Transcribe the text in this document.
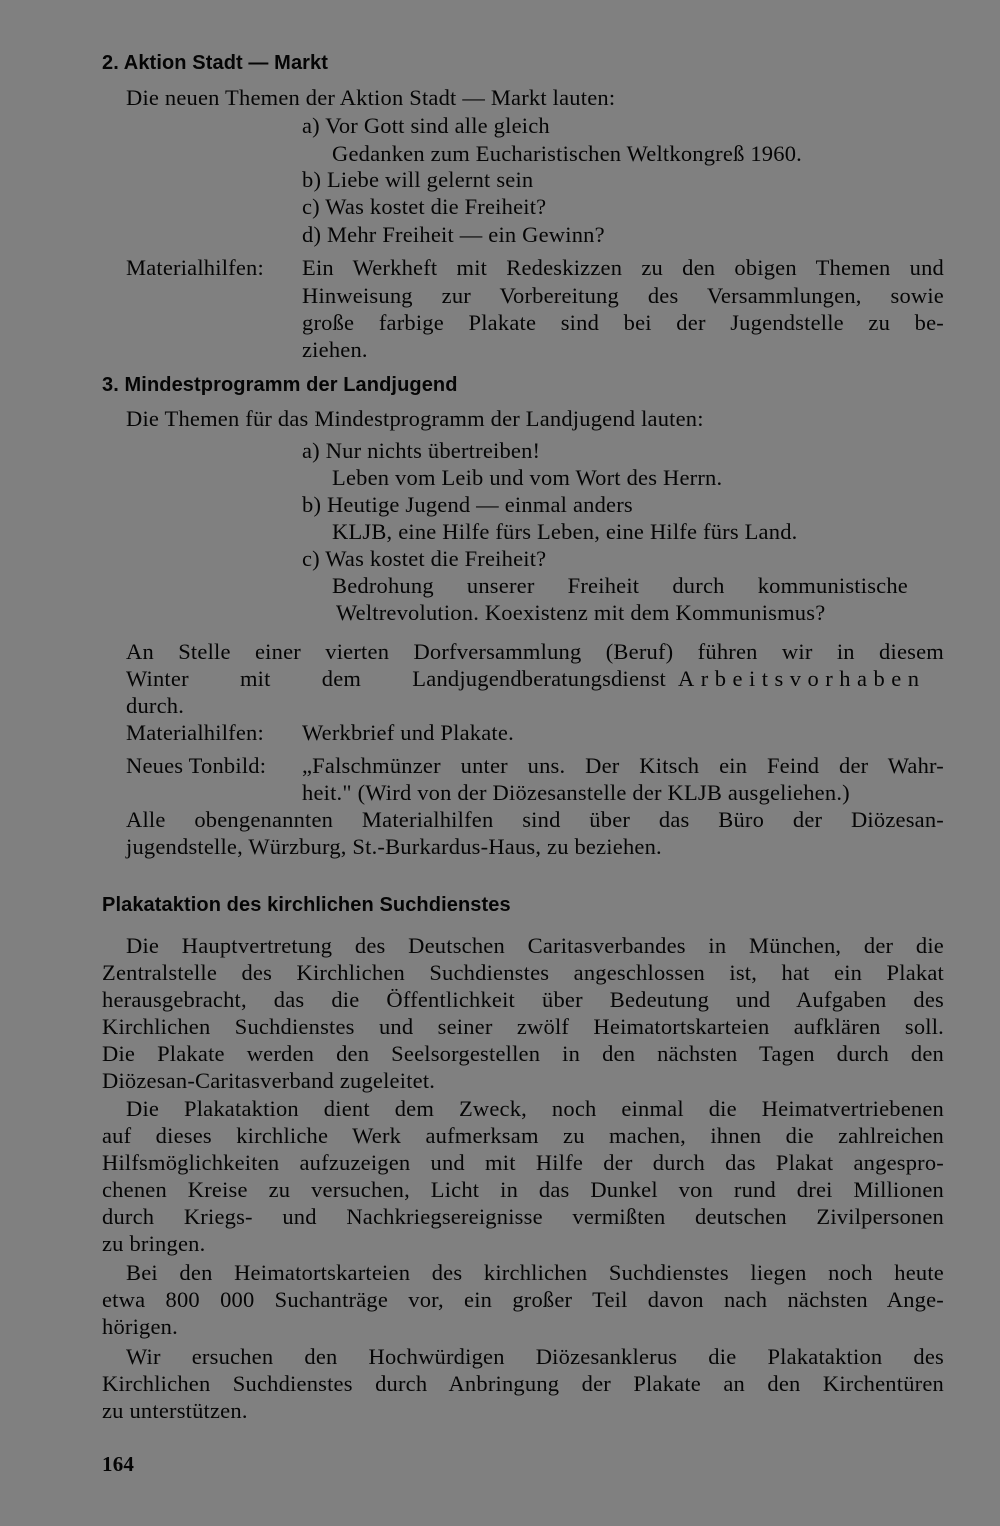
2. Aktion Stadt — Markt
Die neuen Themen der Aktion Stadt — Markt lauten:
a) Vor Gott sind alle gleich
Gedanken zum Eucharistischen Weltkongreß 1960.
b) Liebe will gelernt sein
c) Was kostet die Freiheit?
d) Mehr Freiheit — ein Gewinn?
Materialhilfen: Ein Werkheft mit Redeskizzen zu den obigen Themen und
Hinweisung zur Vorbereitung des Versammlungen, sowie
große farbige Plakate sind bei der Jugendstelle zu be-
ziehen.
3. Mindestprogramm der Landjugend
Die Themen für das Mindestprogramm der Landjugend lauten:
a) Nur nichts übertreiben!
Leben vom Leib und vom Wort des Herrn.
b) Heutige Jugend — einmal anders
KLJB, eine Hilfe fürs Leben, eine Hilfe fürs Land.
c) Was kostet die Freiheit?
Bedrohung unserer Freiheit durch kommunistische
Weltrevolution. Koexistenz mit dem Kommunismus?
An Stelle einer vierten Dorfversammlung (Beruf) führen wir in diesem
Winter mit dem Landjugendberatungsdienst Arbeitsvorhaben
durch.
Materialhilfen: Werkbrief und Plakate.
Neues Tonbild: „Falschmünzer unter uns. Der Kitsch ein Feind der Wahr-
heit." (Wird von der Diözesanstelle der KLJB ausgeliehen.)
Alle obengenannten Materialhilfen sind über das Büro der Diözesan-
jugendstelle, Würzburg, St.-Burkardus-Haus, zu beziehen.
Plakataktion des kirchlichen Suchdienstes
Die Hauptvertretung des Deutschen Caritasverbandes in München, der die
Zentralstelle des Kirchlichen Suchdienstes angeschlossen ist, hat ein Plakat
herausgebracht, das die Öffentlichkeit über Bedeutung und Aufgaben des
Kirchlichen Suchdienstes und seiner zwölf Heimatortskarteien aufklären soll.
Die Plakate werden den Seelsorgestellen in den nächsten Tagen durch den
Diözesan-Caritasverband zugeleitet.
Die Plakataktion dient dem Zweck, noch einmal die Heimatvertriebenen
auf dieses kirchliche Werk aufmerksam zu machen, ihnen die zahlreichen
Hilfsmöglichkeiten aufzuzeigen und mit Hilfe der durch das Plakat angespro-
chenen Kreise zu versuchen, Licht in das Dunkel von rund drei Millionen
durch Kriegs- und Nachkriegsereignisse vermißten deutschen Zivilpersonen
zu bringen.
Bei den Heimatortskarteien des kirchlichen Suchdienstes liegen noch heute
etwa 800 000 Suchanträge vor, ein großer Teil davon nach nächsten Ange-
hörigen.
Wir ersuchen den Hochwürdigen Diözesanklerus die Plakataktion des
Kirchlichen Suchdienstes durch Anbringung der Plakate an den Kirchentüren
zu unterstützen.
164
